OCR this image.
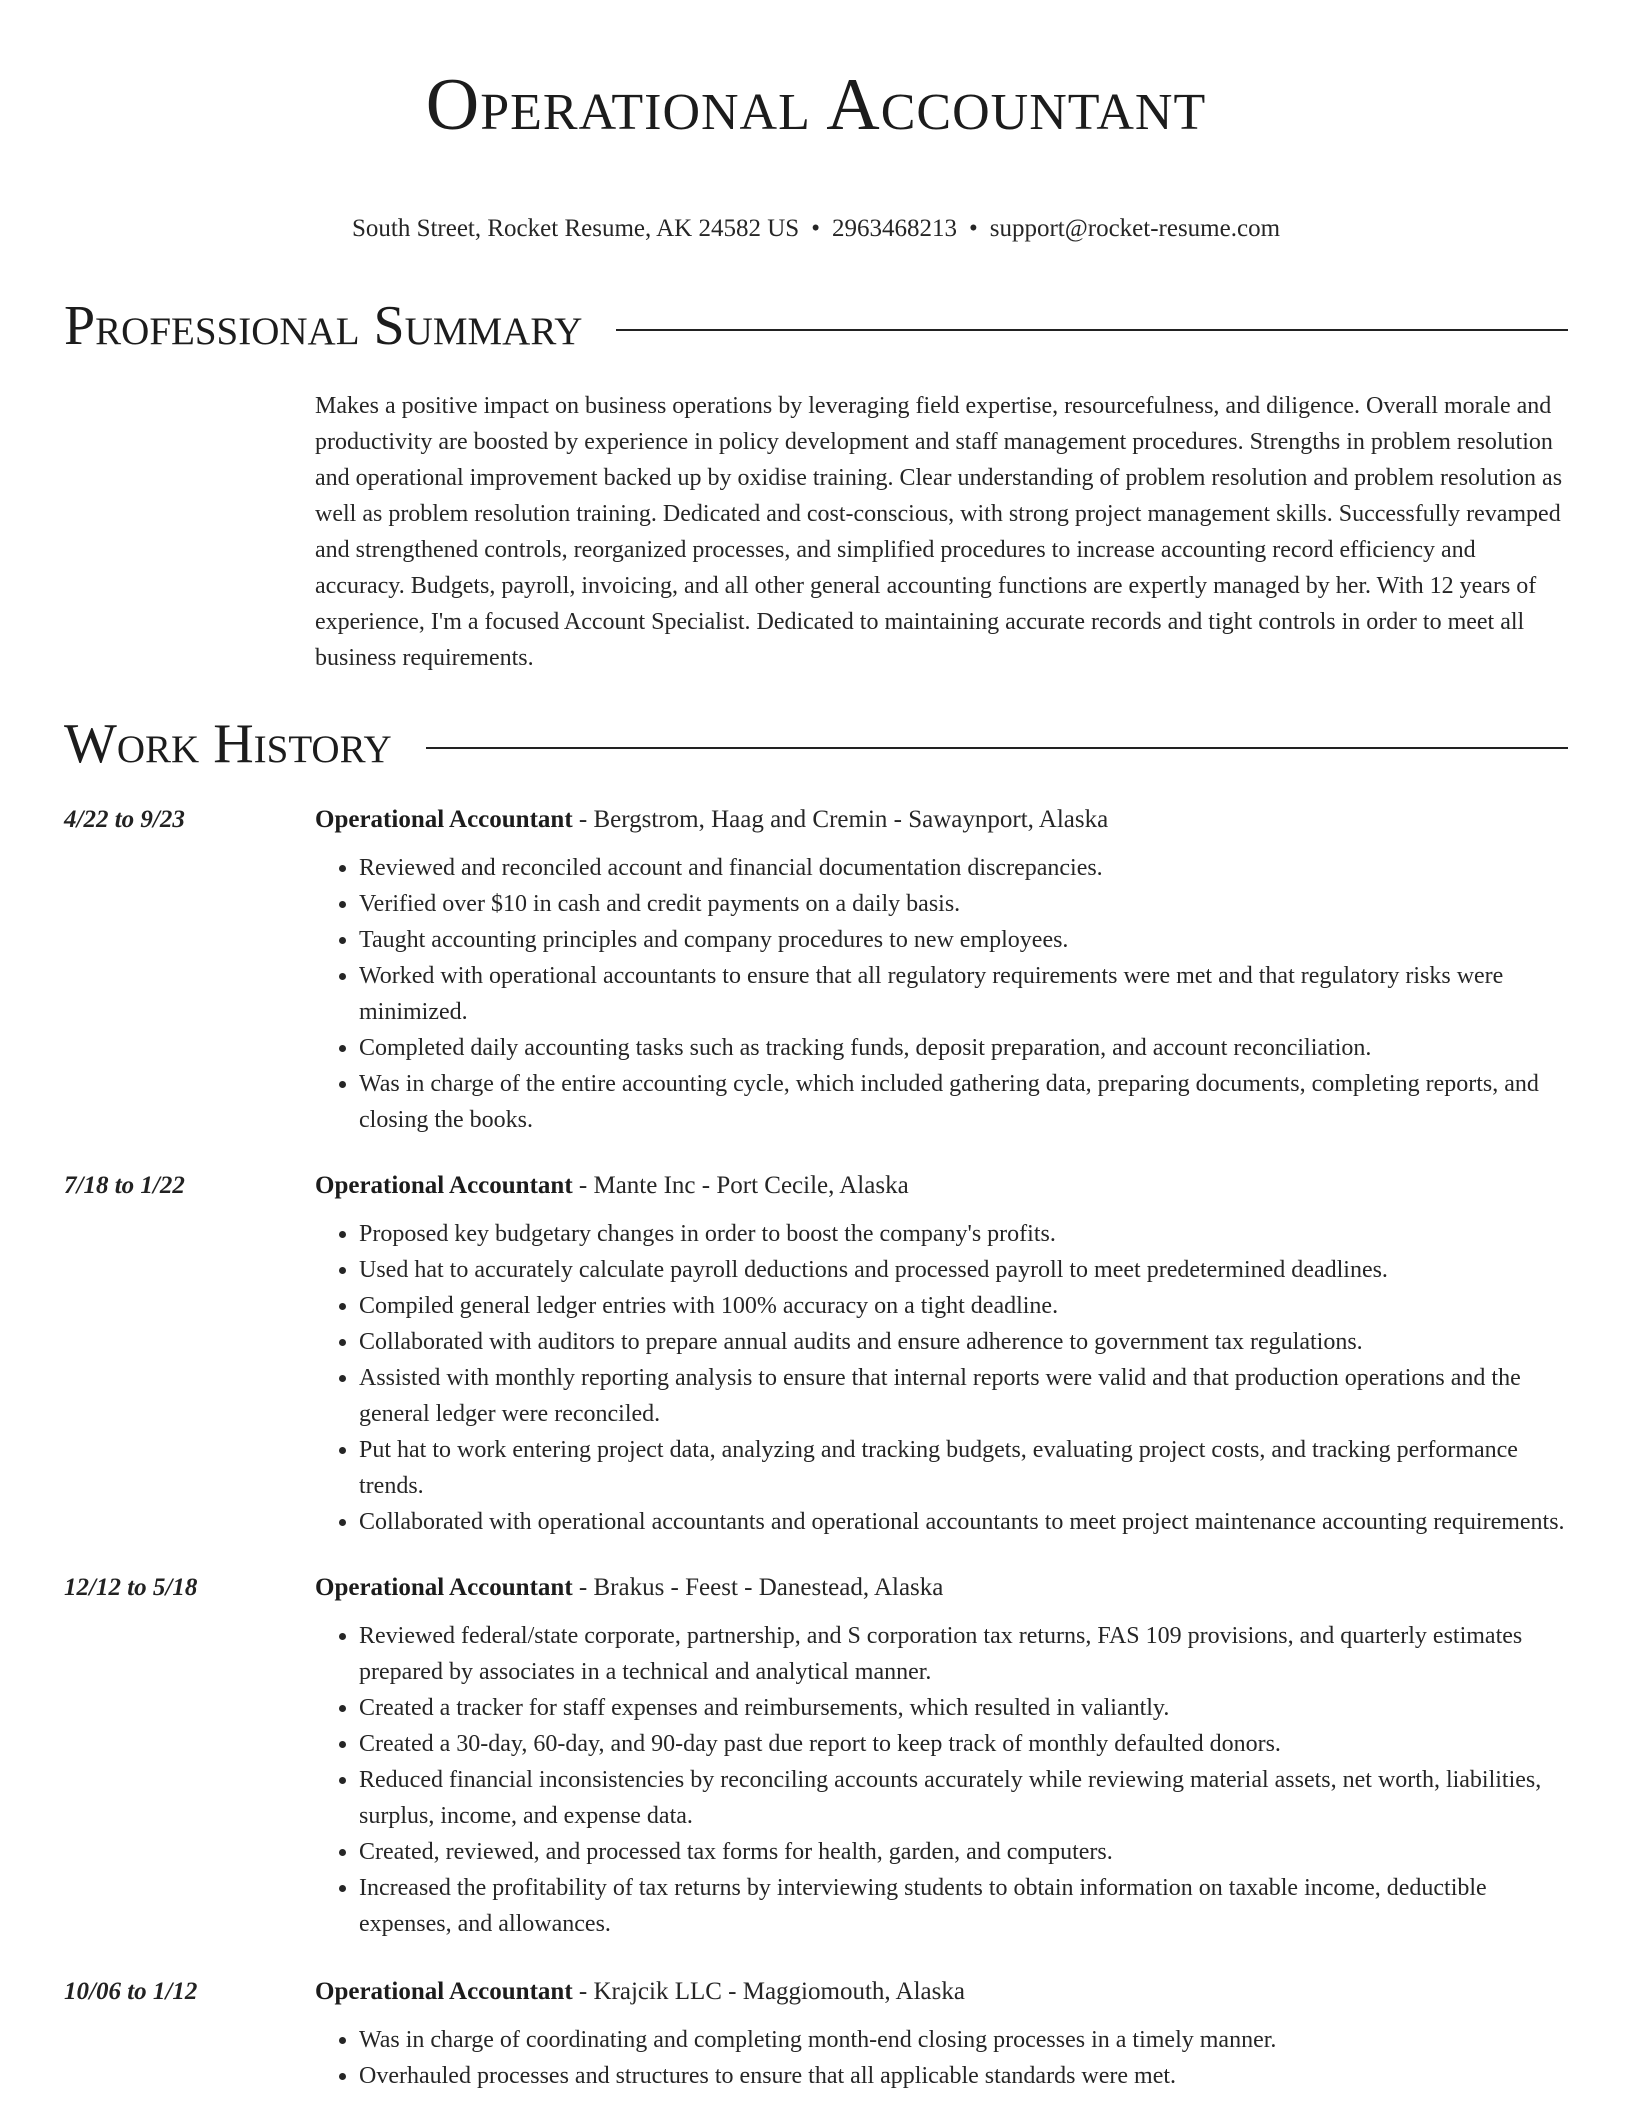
Operational Accountant
South Street, Rocket Resume, AK 24582 US • 2963468213 • support@rocket-resume.com
Professional Summary

Makes a positive impact on business operations by leveraging field expertise, resourcefulness, and diligence. Overall morale and productivity are boosted by experience in policy development and staff management procedures. Strengths in problem resolution and operational improvement backed up by oxidise training. Clear understanding of problem resolution and problem resolution as well as problem resolution training. Dedicated and cost-conscious, with strong project management skills. Successfully revamped and strengthened controls, reorganized processes, and simplified procedures to increase accounting record efficiency and accuracy. Budgets, payroll, invoicing, and all other general accounting functions are expertly managed by her. With 12 years of experience, I'm a focused Account Specialist. Dedicated to maintaining accurate records and tight controls in order to meet all business requirements.

Work History
4/22 to 9/23	Operational Accountant - Bergstrom, Haag and Cremin - Sawaynport, Alaska
• Reviewed and reconciled account and financial documentation discrepancies.
• Verified over $10 in cash and credit payments on a daily basis.
• Taught accounting principles and company procedures to new employees.
• Worked with operational accountants to ensure that all regulatory requirements were met and that regulatory risks were minimized.
• Completed daily accounting tasks such as tracking funds, deposit preparation, and account reconciliation.
• Was in charge of the entire accounting cycle, which included gathering data, preparing documents, completing reports, and closing the books.
7/18 to 1/22	Operational Accountant - Mante Inc - Port Cecile, Alaska
• Proposed key budgetary changes in order to boost the company's profits.
• Used hat to accurately calculate payroll deductions and processed payroll to meet predetermined deadlines.
• Compiled general ledger entries with 100% accuracy on a tight deadline.
• Collaborated with auditors to prepare annual audits and ensure adherence to government tax regulations.
• Assisted with monthly reporting analysis to ensure that internal reports were valid and that production operations and the general ledger were reconciled.
• Put hat to work entering project data, analyzing and tracking budgets, evaluating project costs, and tracking performance trends.
• Collaborated with operational accountants and operational accountants to meet project maintenance accounting requirements.
12/12 to 5/18	Operational Accountant - Brakus - Feest - Danestead, Alaska
• Reviewed federal/state corporate, partnership, and S corporation tax returns, FAS 109 provisions, and quarterly estimates prepared by associates in a technical and analytical manner.
• Created a tracker for staff expenses and reimbursements, which resulted in valiantly.
• Created a 30-day, 60-day, and 90-day past due report to keep track of monthly defaulted donors.
• Reduced financial inconsistencies by reconciling accounts accurately while reviewing material assets, net worth, liabilities, surplus, income, and expense data.
• Created, reviewed, and processed tax forms for health, garden, and computers.
• Increased the profitability of tax returns by interviewing students to obtain information on taxable income, deductible expenses, and allowances.
10/06 to 1/12	Operational Accountant - Krajcik LLC - Maggiomouth, Alaska
• Was in charge of coordinating and completing month-end closing processes in a timely manner.
• Overhauled processes and structures to ensure that all applicable standards were met.
